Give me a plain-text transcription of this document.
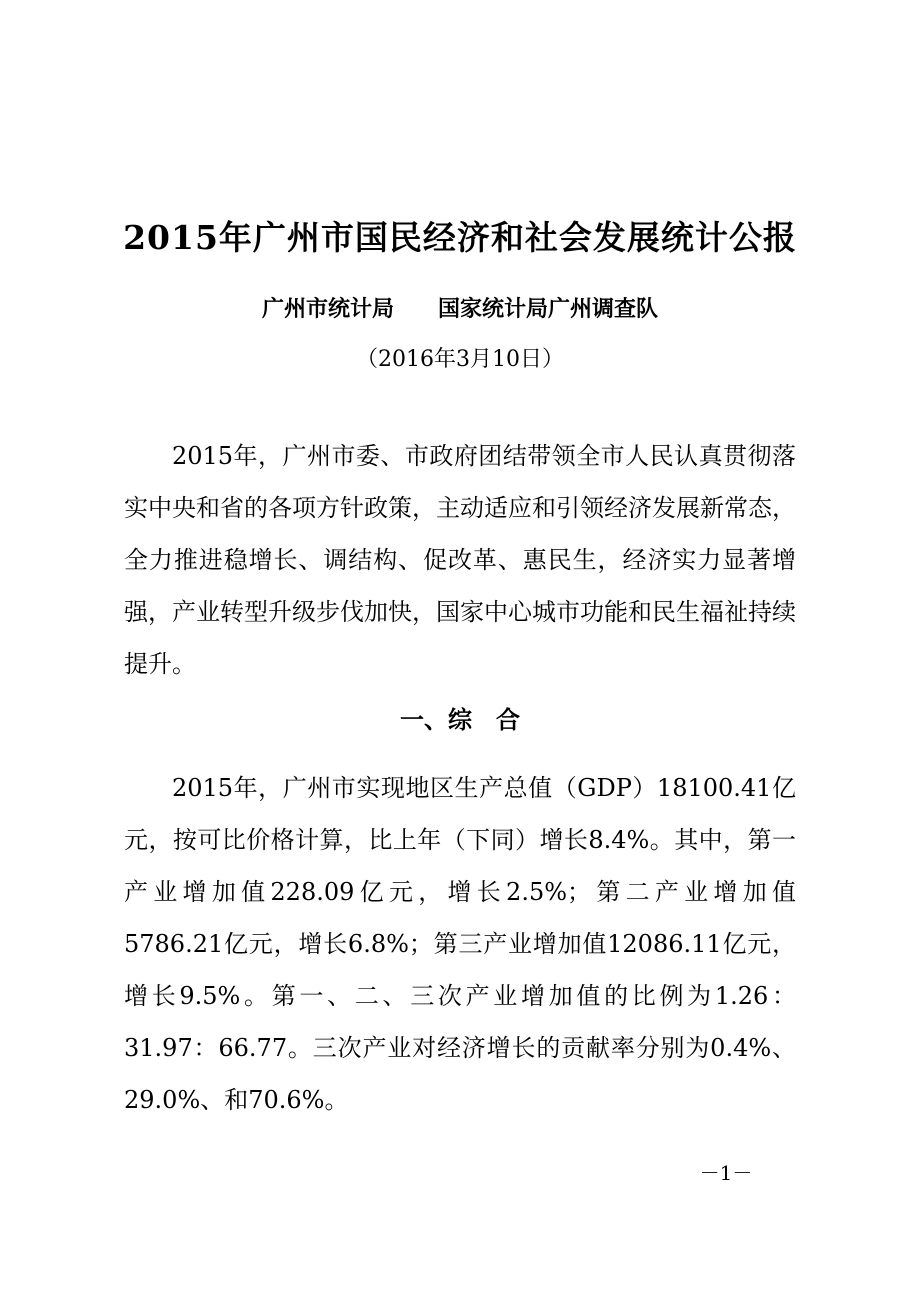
2015年广州市国民经济和社会发展统计公报
广州市统计局 国家统计局广州调查队
（2016年3月10日）

2015年，广州市委、市政府团结带领全市人民认真贯彻落实中央和省的各项方针政策，主动适应和引领经济发展新常态，全力推进稳增长、调结构、促改革、惠民生，经济实力显著增强，产业转型升级步伐加快，国家中心城市功能和民生福祉持续提升。

一、综　合

2015年，广州市实现地区生产总值（GDP）18100.41亿元，按可比价格计算，比上年（下同）增长8.4%。其中，第一产业增加值228.09亿元，增长2.5%；第二产业增加值5786.21亿元，增长6.8%；第三产业增加值12086.11亿元，增长9.5%。第一、二、三次产业增加值的比例为1.26：31.97：66.77。三次产业对经济增长的贡献率分别为0.4%、29.0%、和70.6%。

－1－
